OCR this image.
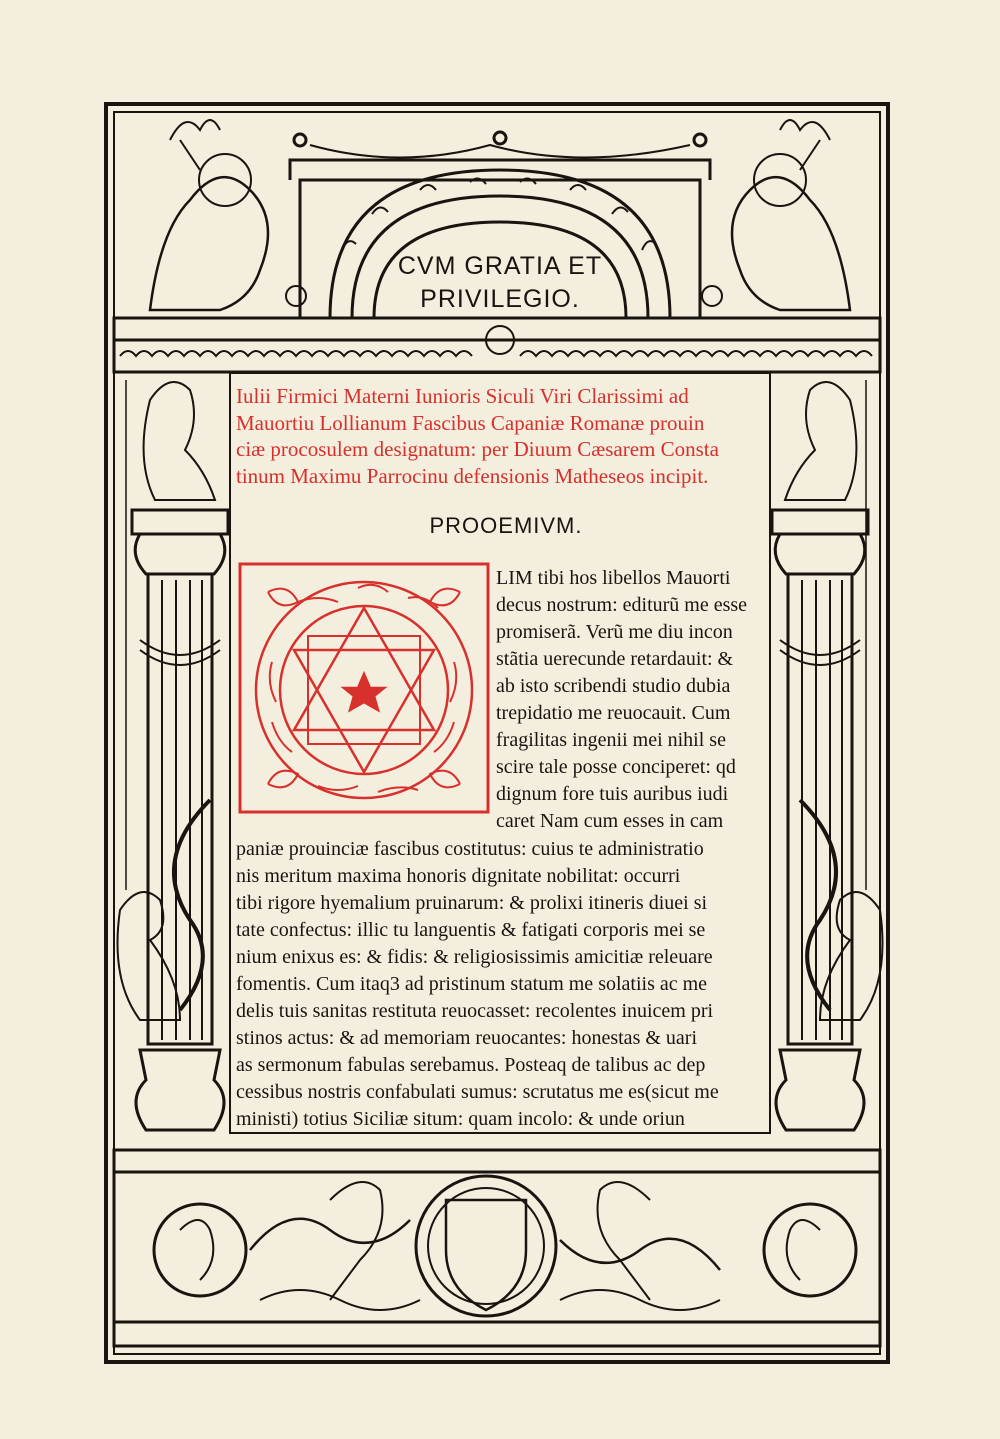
CVM GRATIA ET
PRIVILEGIO.
Iulii Firmici Materni Iunioris Siculi Viri Clarissimi ad
Mauortiu Lollianum Fascibus Capaniæ Romanæ prouin
ciæ procosulem designatum: per Diuum Cæsarem Consta
tinum Maximu Parrocinu defensionis Matheseos incipit.
PROOEMIVM.
LIM tibi hos libellos Mauorti
decus nostrum: editurũ me esse
promiserã. Verũ me diu incon
stãtia uerecunde retardauit: &
ab isto scribendi studio dubia
trepidatio me reuocauit. Cum
fragilitas ingenii mei nihil se
scire tale posse conciperet: qd
dignum fore tuis auribus iudi
caret Nam cum esses in cam
paniæ prouinciæ fascibus costitutus: cuius te administratio
nis meritum maxima honoris dignitate nobilitat: occurri
tibi rigore hyemalium pruinarum: & prolixi itineris diuei si
tate confectus: illic tu languentis & fatigati corporis mei se
nium enixus es: & fidis: & religiosissimis amicitiæ releuare
fomentis. Cum itaq3 ad pristinum statum me solatiis ac me
delis tuis sanitas restituta reuocasset: recolentes inuicem pri
stinos actus: & ad memoriam reuocantes: honestas & uari
as sermonum fabulas serebamus. Posteaq de talibus ac dep
cessibus nostris confabulati sumus: scrutatus me es(sicut me
ministi) totius Siciliæ situm: quam incolo: & unde oriun
